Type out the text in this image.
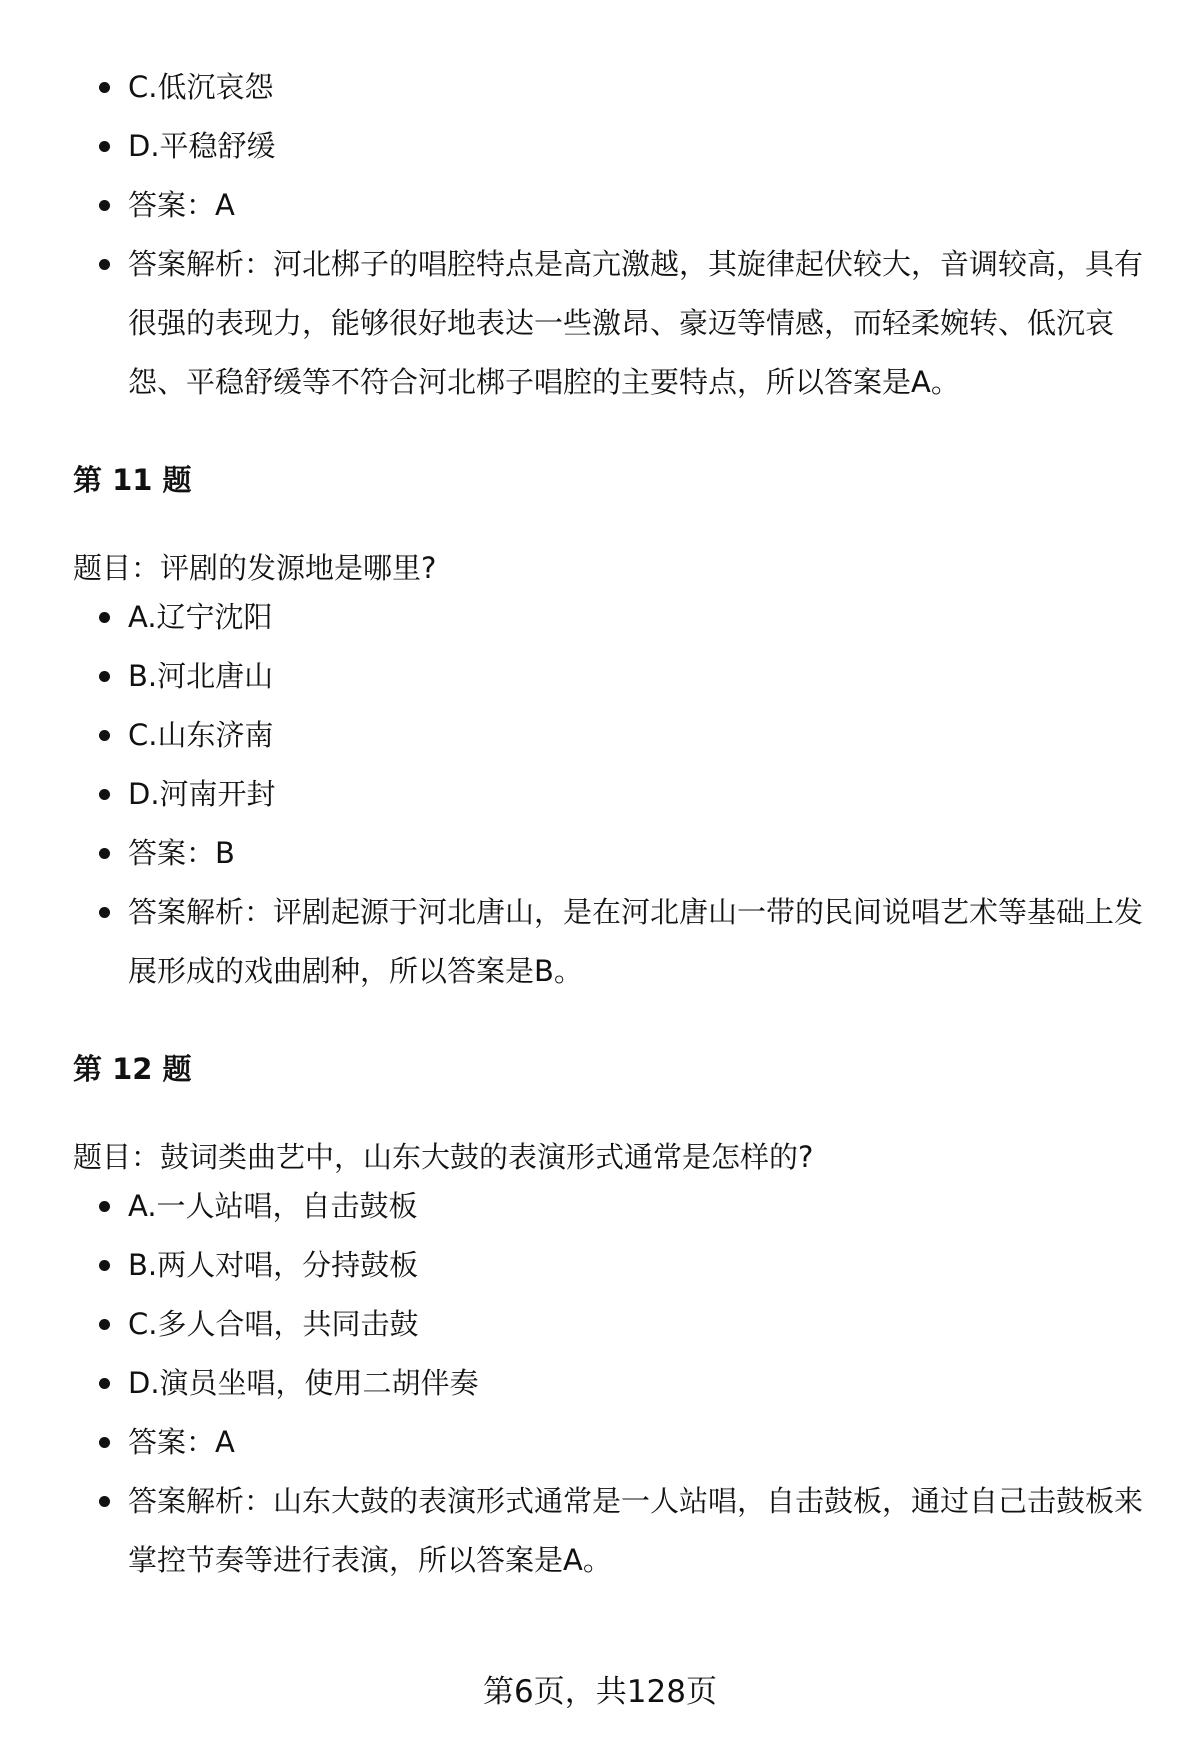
C.低沉哀怨
D.平稳舒缓
答案：A
答案解析：河北梆子的唱腔特点是高亢激越，其旋律起伏较大，音调较高，具有很强的表现力，能够很好地表达一些激昂、豪迈等情感，而轻柔婉转、低沉哀怨、平稳舒缓等不符合河北梆子唱腔的主要特点，所以答案是A。

第 11 题

题目：评剧的发源地是哪里?

A.辽宁沈阳
B.河北唐山
C.山东济南
D.河南开封
答案：B
答案解析：评剧起源于河北唐山，是在河北唐山一带的民间说唱艺术等基础上发展形成的戏曲剧种，所以答案是B。

第 12 题

题目：鼓词类曲艺中，山东大鼓的表演形式通常是怎样的?

A.一人站唱，自击鼓板
B.两人对唱，分持鼓板
C.多人合唱，共同击鼓
D.演员坐唱，使用二胡伴奏
答案：A
答案解析：山东大鼓的表演形式通常是一人站唱，自击鼓板，通过自己击鼓板来掌控节奏等进行表演，所以答案是A。
第6页，共128页
